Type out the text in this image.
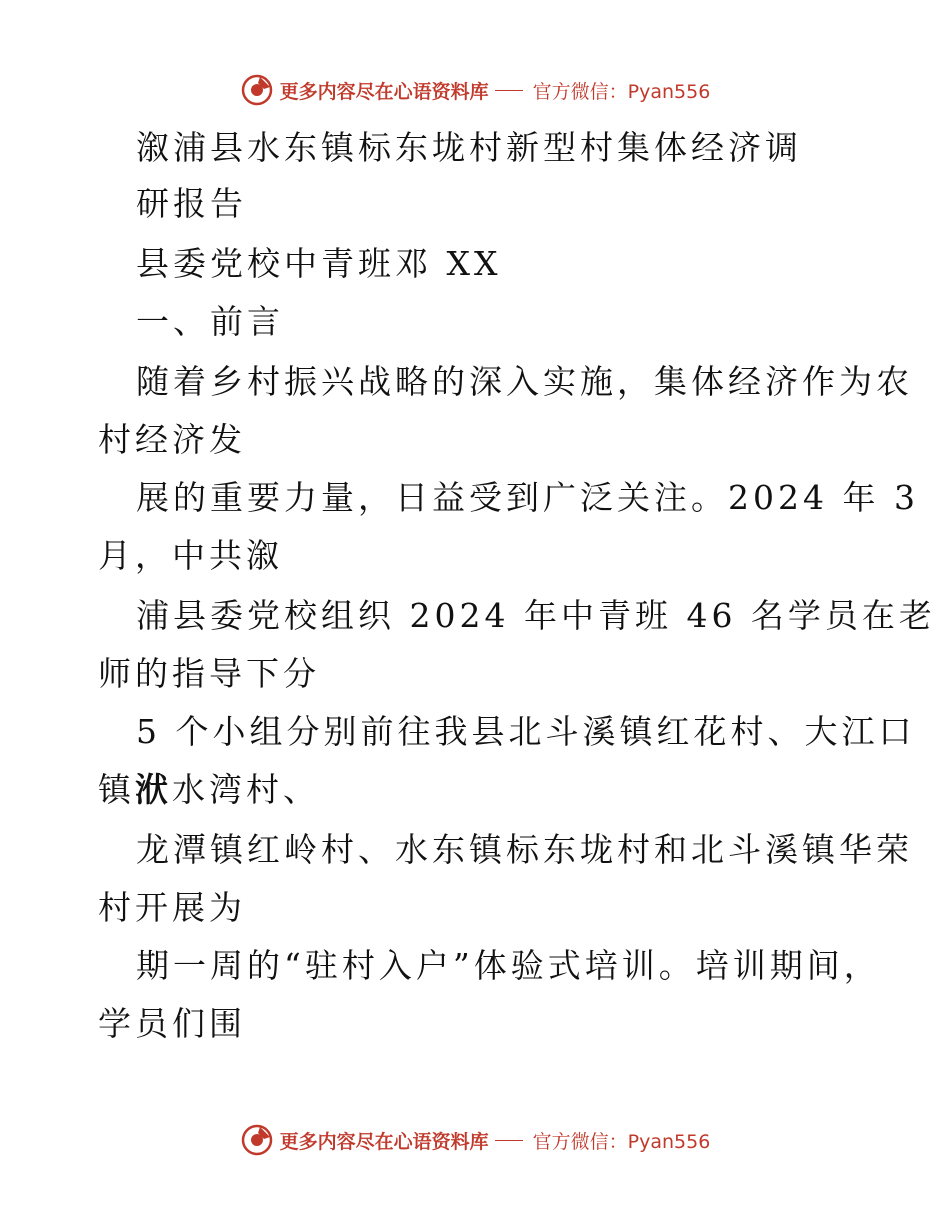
更多内容尽在心语资料库 官方微信：Pyan556
溆浦县水东镇标东垅村新型村集体经济调
研报告
县委党校中青班邓 XX
一、前言
随着乡村振兴战略的深入实施，集体经济作为农
村经济发
展的重要力量，日益受到广泛关注。2024 年 3
月，中共溆
浦县委党校组织 2024 年中青班 46 名学员在老
师的指导下分
5 个小组分别前往我县北斗溪镇红花村、大江口
镇洑水湾村、
龙潭镇红岭村、水东镇标东垅村和北斗溪镇华荣
村开展为
期一周的“驻村入户”体验式培训。培训期间，
学员们围
更多内容尽在心语资料库 官方微信：Pyan556
